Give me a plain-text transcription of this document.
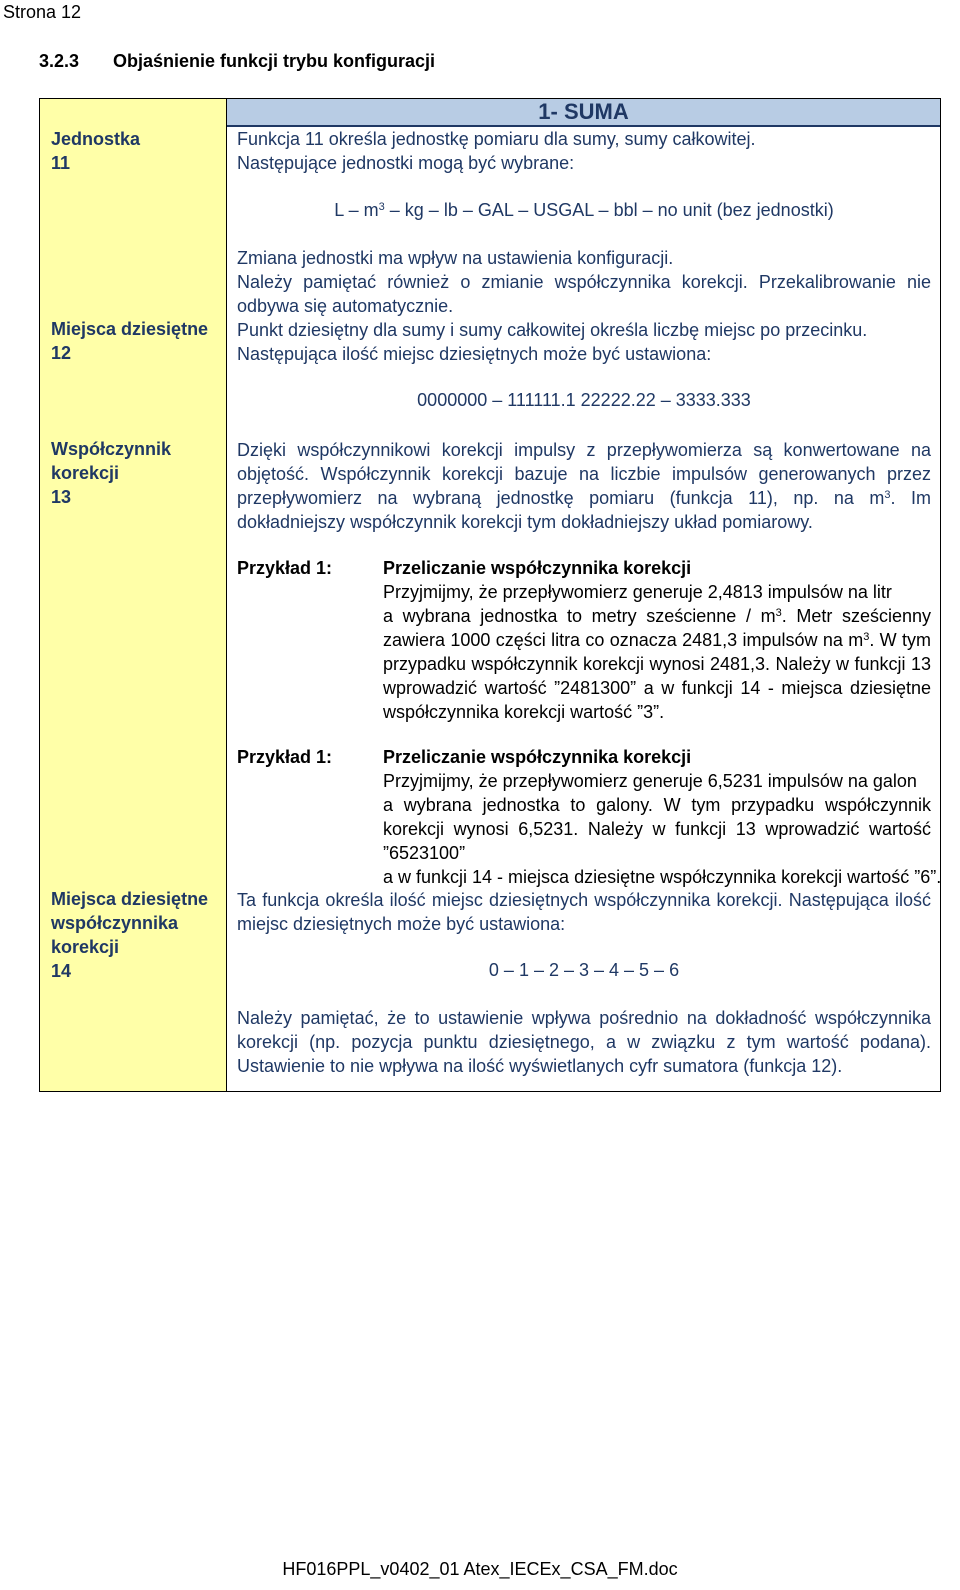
Strona 12
3.2.3 Objaśnienie funkcji trybu konfiguracji
1- SUMA
Jednostka
11
Miejsca dziesiętne
12
Współczynnik
korekcji
13
Miejsca dziesiętne
współczynnika
korekcji
14
Funkcja 11 określa jednostkę pomiaru dla sumy, sumy całkowitej.
Następujące jednostki mogą być wybrane:
L – $m^3$ – kg – lb – GAL – USGAL – bbl – no unit (bez jednostki)
Zmiana jednostki ma wpływ na ustawienia konfiguracji.
Należy pamiętać również o zmianie współczynnika korekcji. Przekalibrowanie nie odbywa się automatycznie.
Punkt dziesiętny dla sumy i sumy całkowitej określa liczbę miejsc po przecinku.
Następująca ilość miejsc dziesiętnych może być ustawiona:
0000000 – 111111.1 22222.22 – 3333.333
Dzięki współczynnikowi korekcji impulsy z przepływomierza są konwertowane na objętość. Współczynnik korekcji bazuje na liczbie impulsów generowanych przez przepływomierz na wybraną jednostkę pomiaru (funkcja 11), np. na $m^3$. Im dokładniejszy współczynnik korekcji tym dokładniejszy układ pomiarowy.
Przykład 1:	Przeliczanie współczynnika korekcji
Przyjmijmy, że przepływomierz generuje 2,4813 impulsów na litr
a wybrana jednostka to metry sześcienne / $m^3$. Metr sześcienny zawiera 1000 części litra co oznacza 2481,3 impulsów na $m^3$. W tym przypadku współczynnik korekcji wynosi 2481,3. Należy w funkcji 13 wprowadzić wartość ”2481300” a w funkcji 14 - miejsca dziesiętne współczynnika korekcji wartość ”3”.
Przykład 1:	Przeliczanie współczynnika korekcji
Przyjmijmy, że przepływomierz generuje 6,5231 impulsów na galon
a wybrana jednostka to galony. W tym przypadku współczynnik korekcji wynosi 6,5231. Należy w funkcji 13 wprowadzić wartość ”6523100”
a w funkcji 14 - miejsca dziesiętne współczynnika korekcji wartość ”6”.
Ta funkcja określa ilość miejsc dziesiętnych współczynnika korekcji. Następująca ilość miejsc dziesiętnych może być ustawiona:
0 – 1 – 2 – 3 – 4 – 5 – 6
Należy pamiętać, że to ustawienie wpływa pośrednio na dokładność współczynnika korekcji (np. pozycja punktu dziesiętnego, a w związku z tym wartość podana). Ustawienie to nie wpływa na ilość wyświetlanych cyfr sumatora (funkcja 12).
HF016PPL_v0402_01 Atex_IECEx_CSA_FM.doc
